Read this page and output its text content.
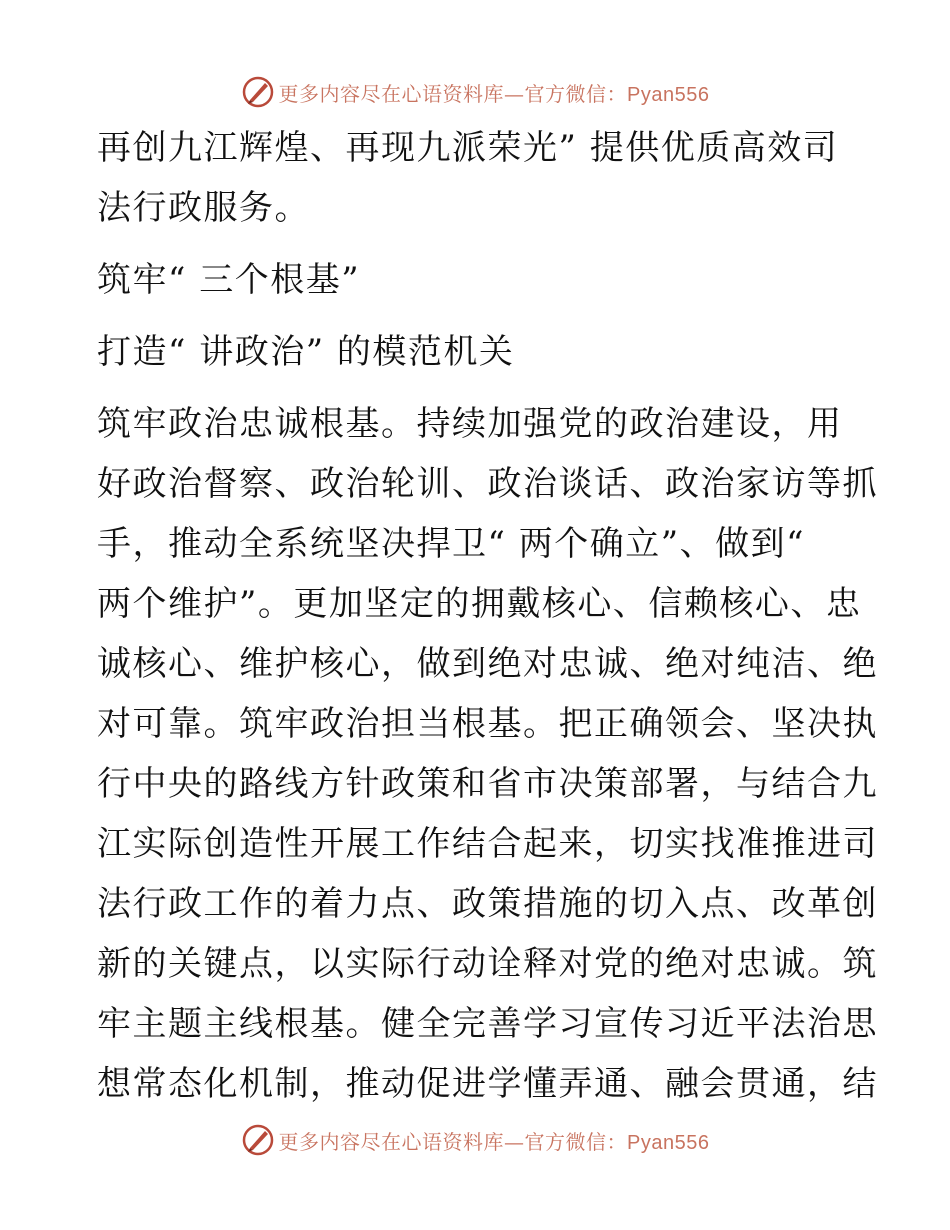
更多内容尽在心语资料库—官方微信：Pyan556
再创九江辉煌、再现九派荣光” 提供优质高效司
法行政服务。
筑牢“ 三个根基”
打造“ 讲政治” 的模范机关
筑牢政治忠诚根基。持续加强党的政治建设，用
好政治督察、政治轮训、政治谈话、政治家访等抓
手，推动全系统坚决捍卫“ 两个确立”、做到“
两个维护”。更加坚定的拥戴核心、信赖核心、忠
诚核心、维护核心，做到绝对忠诚、绝对纯洁、绝
对可靠。筑牢政治担当根基。把正确领会、坚决执
行中央的路线方针政策和省市决策部署，与结合九
江实际创造性开展工作结合起来，切实找准推进司
法行政工作的着力点、政策措施的切入点、改革创
新的关键点，以实际行动诠释对党的绝对忠诚。筑
牢主题主线根基。健全完善学习宣传习近平法治思
想常态化机制，推动促进学懂弄通、融会贯通，结
更多内容尽在心语资料库—官方微信：Pyan556
